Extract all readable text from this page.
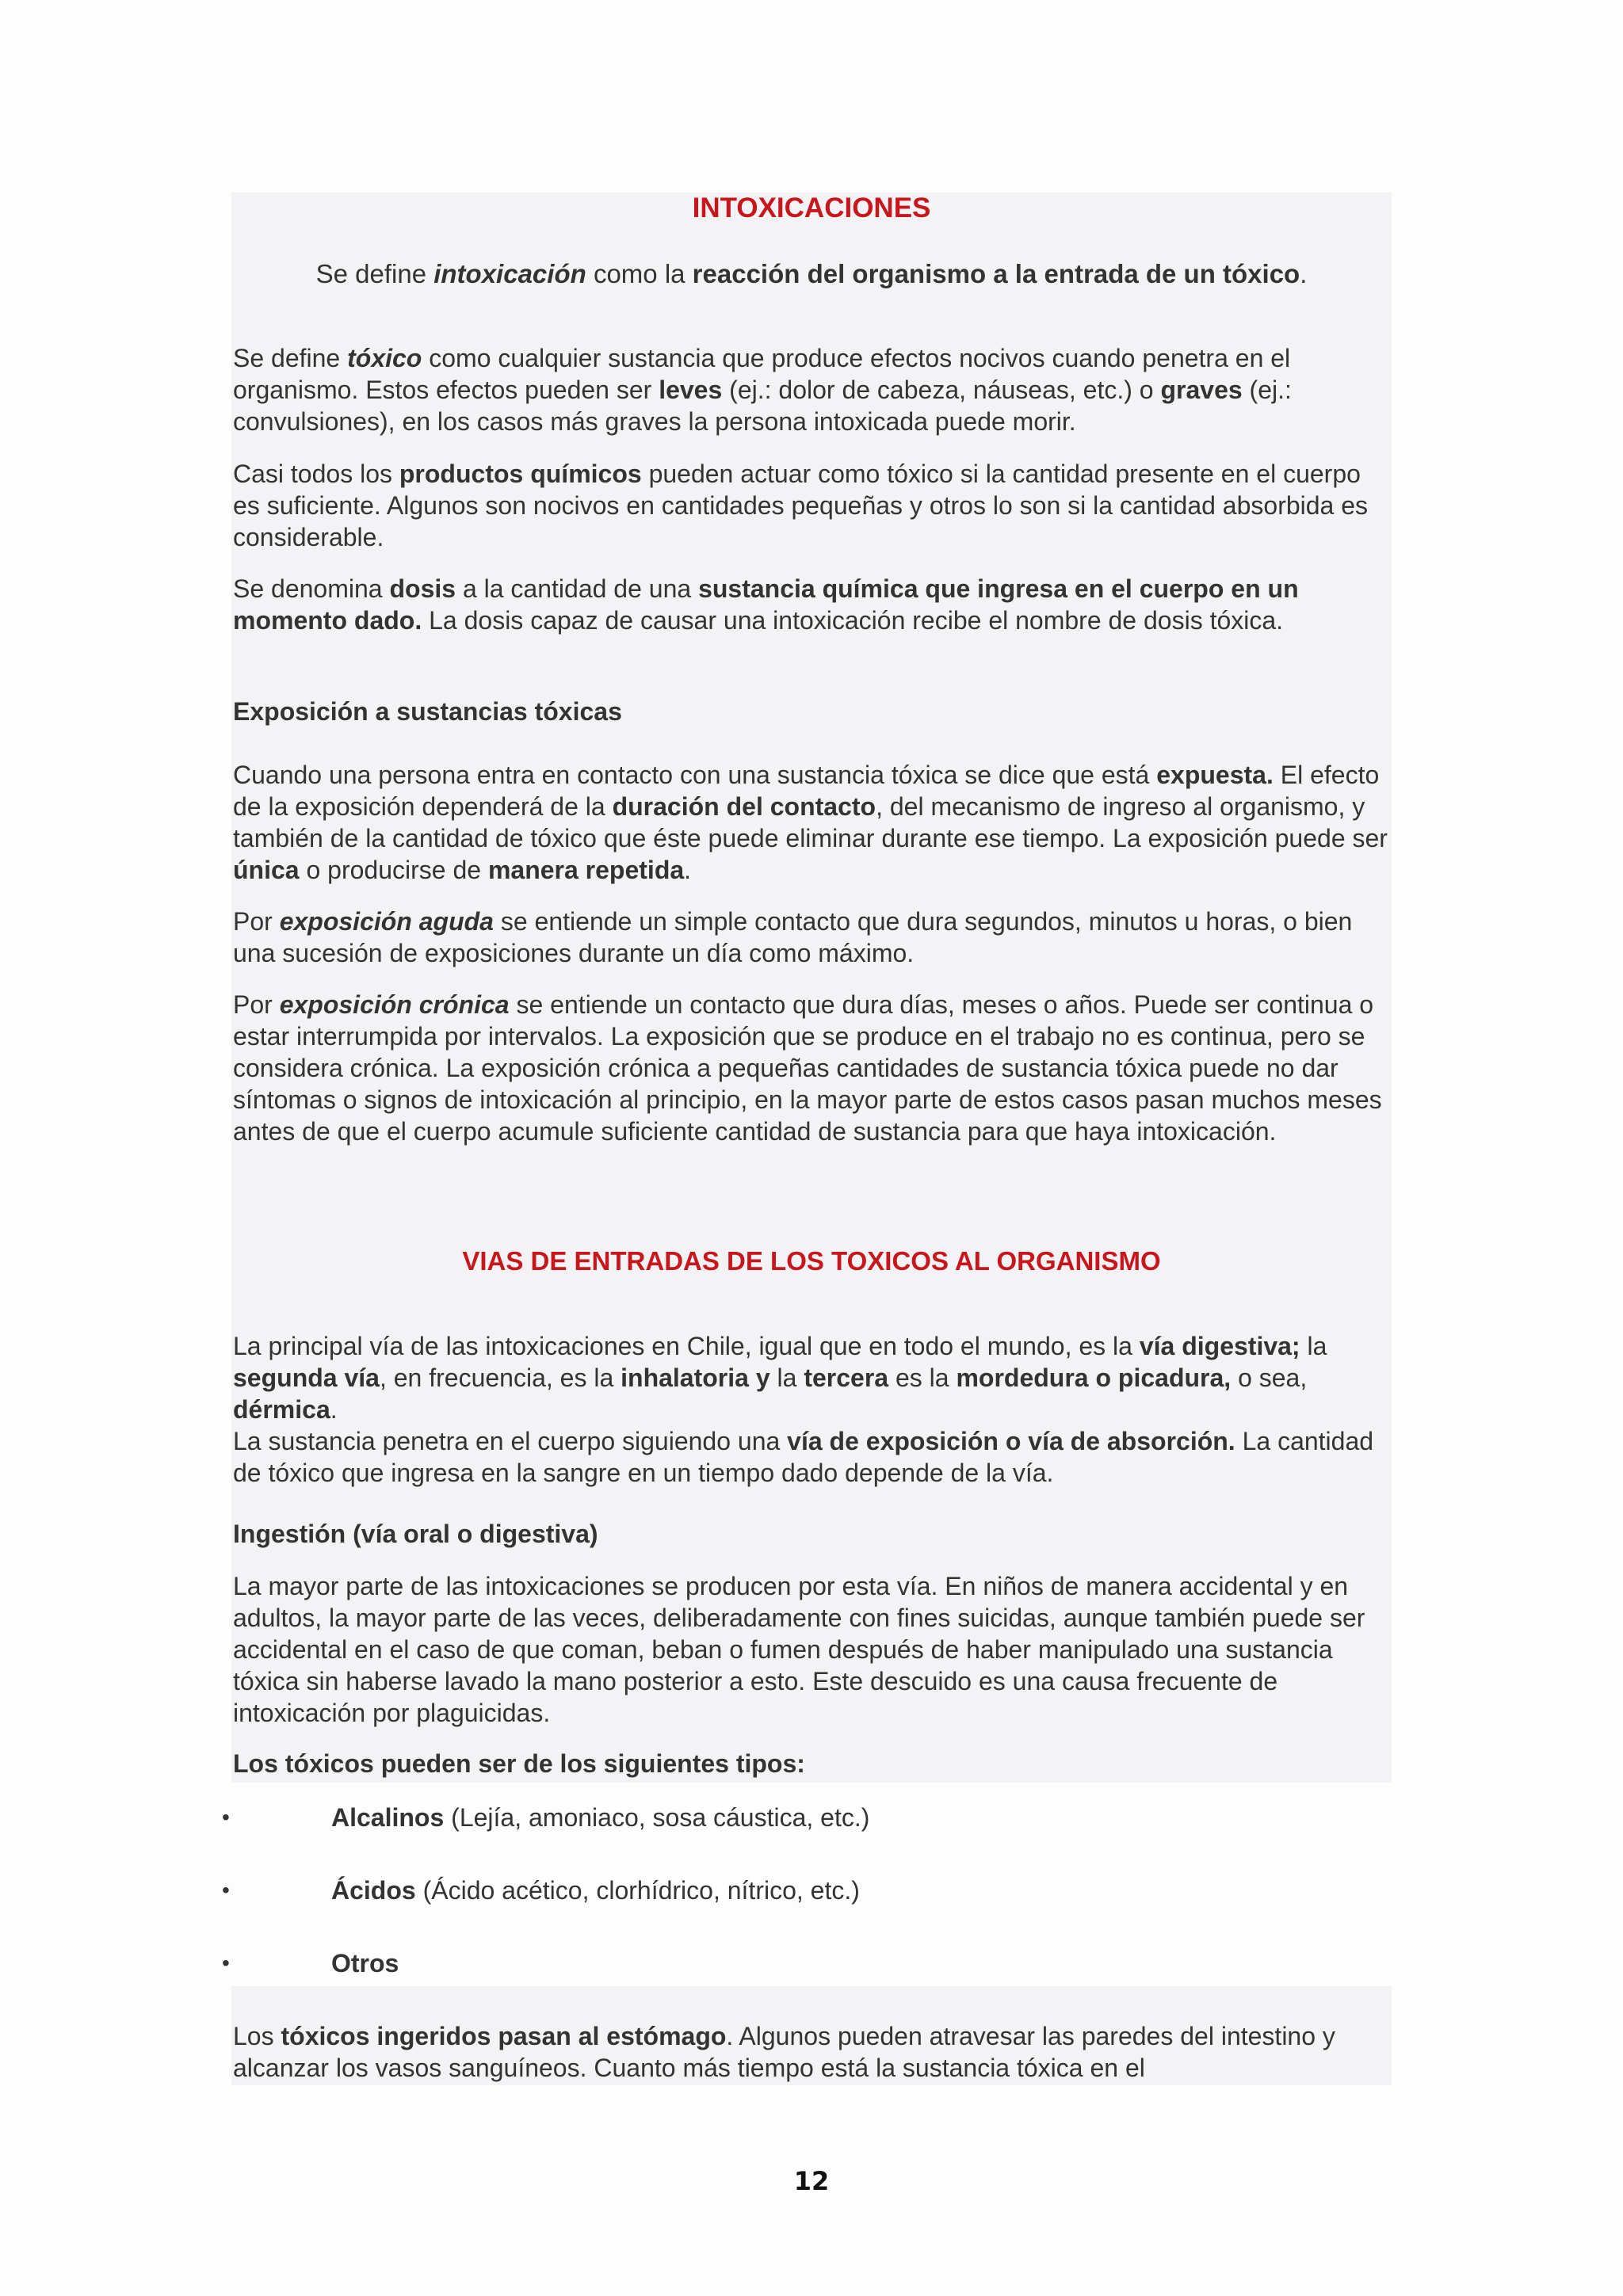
INTOXICACIONES
Se define intoxicación como la reacción del organismo a la entrada de un tóxico.
Se define tóxico como cualquier sustancia que produce efectos nocivos cuando penetra en el organismo. Estos efectos pueden ser leves (ej.: dolor de cabeza, náuseas, etc.) o graves (ej.: convulsiones), en los casos más graves la persona intoxicada puede morir.
Casi todos los productos químicos pueden actuar como tóxico si la cantidad presente en el cuerpo es suficiente. Algunos son nocivos en cantidades pequeñas y otros lo son si la cantidad absorbida es considerable.
Se denomina dosis a la cantidad de una sustancia química que ingresa en el cuerpo en un momento dado. La dosis capaz de causar una intoxicación recibe el nombre de dosis tóxica.
Exposición a sustancias tóxicas
Cuando una persona entra en contacto con una sustancia tóxica se dice que está expuesta. El efecto de la exposición dependerá de la duración del contacto, del mecanismo de ingreso al organismo, y también de la cantidad de tóxico que éste puede eliminar durante ese tiempo. La exposición puede ser única o producirse de manera repetida.
Por exposición aguda se entiende un simple contacto que dura segundos, minutos u horas, o bien una sucesión de exposiciones durante un día como máximo.
Por exposición crónica se entiende un contacto que dura días, meses o años. Puede ser continua o estar interrumpida por intervalos. La exposición que se produce en el trabajo no es continua, pero se considera crónica. La exposición crónica a pequeñas cantidades de sustancia tóxica puede no dar síntomas o signos de intoxicación al principio, en la mayor parte de estos casos pasan muchos meses antes de que el cuerpo acumule suficiente cantidad de sustancia para que haya intoxicación.
VIAS DE ENTRADAS DE LOS TOXICOS AL ORGANISMO
La principal vía de las intoxicaciones en Chile, igual que en todo el mundo, es la vía digestiva; la segunda vía, en frecuencia, es la inhalatoria y la tercera es la mordedura o picadura, o sea, dérmica.
La sustancia penetra en el cuerpo siguiendo una vía de exposición o vía de absorción. La cantidad de tóxico que ingresa en la sangre en un tiempo dado depende de la vía.
Ingestión (vía oral o digestiva)
La mayor parte de las intoxicaciones se producen por esta vía. En niños de manera accidental y en adultos, la mayor parte de las veces, deliberadamente con fines suicidas, aunque también puede ser accidental en el caso de que coman, beban o fumen después de haber manipulado una sustancia tóxica sin haberse lavado la mano posterior a esto. Este descuido es una causa frecuente de intoxicación por plaguicidas.
Los tóxicos pueden ser de los siguientes tipos:
•	Alcalinos (Lejía, amoniaco, sosa cáustica, etc.)
•	Ácidos (Ácido acético, clorhídrico, nítrico, etc.)
•	Otros
Los tóxicos ingeridos pasan al estómago. Algunos pueden atravesar las paredes del intestino y alcanzar los vasos sanguíneos. Cuanto más tiempo está la sustancia tóxica en el
12
